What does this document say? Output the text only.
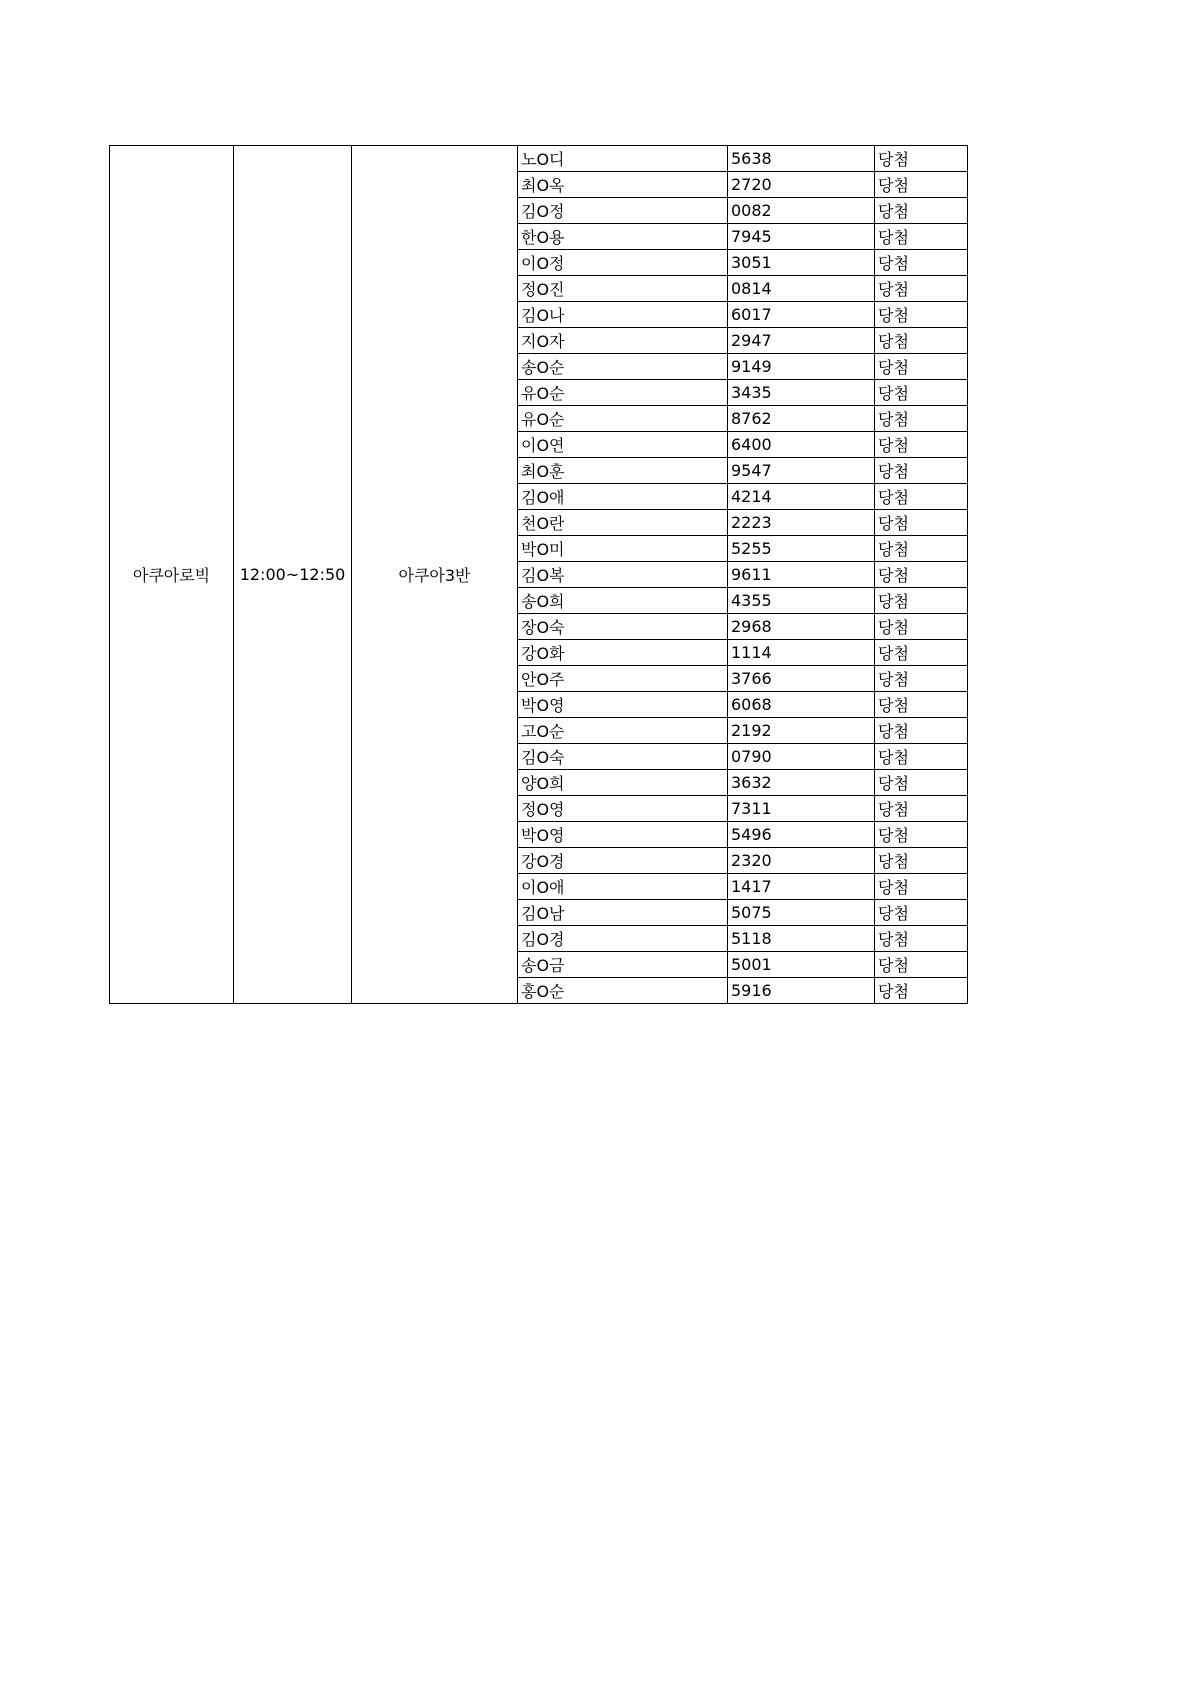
아쿠아로빅	12:00~12:50	아쿠아3반	노O디	5638	당첨
			최O옥	2720	당첨
			김O정	0082	당첨
			한O용	7945	당첨
			이O정	3051	당첨
			정O진	0814	당첨
			김O나	6017	당첨
			지O자	2947	당첨
			송O순	9149	당첨
			유O순	3435	당첨
			유O순	8762	당첨
			이O연	6400	당첨
			최O훈	9547	당첨
			김O애	4214	당첨
			천O란	2223	당첨
			박O미	5255	당첨
			김O복	9611	당첨
			송O희	4355	당첨
			장O숙	2968	당첨
			강O화	1114	당첨
			안O주	3766	당첨
			박O영	6068	당첨
			고O순	2192	당첨
			김O숙	0790	당첨
			양O희	3632	당첨
			정O영	7311	당첨
			박O영	5496	당첨
			강O경	2320	당첨
			이O애	1417	당첨
			김O남	5075	당첨
			김O경	5118	당첨
			송O금	5001	당첨
			홍O순	5916	당첨
